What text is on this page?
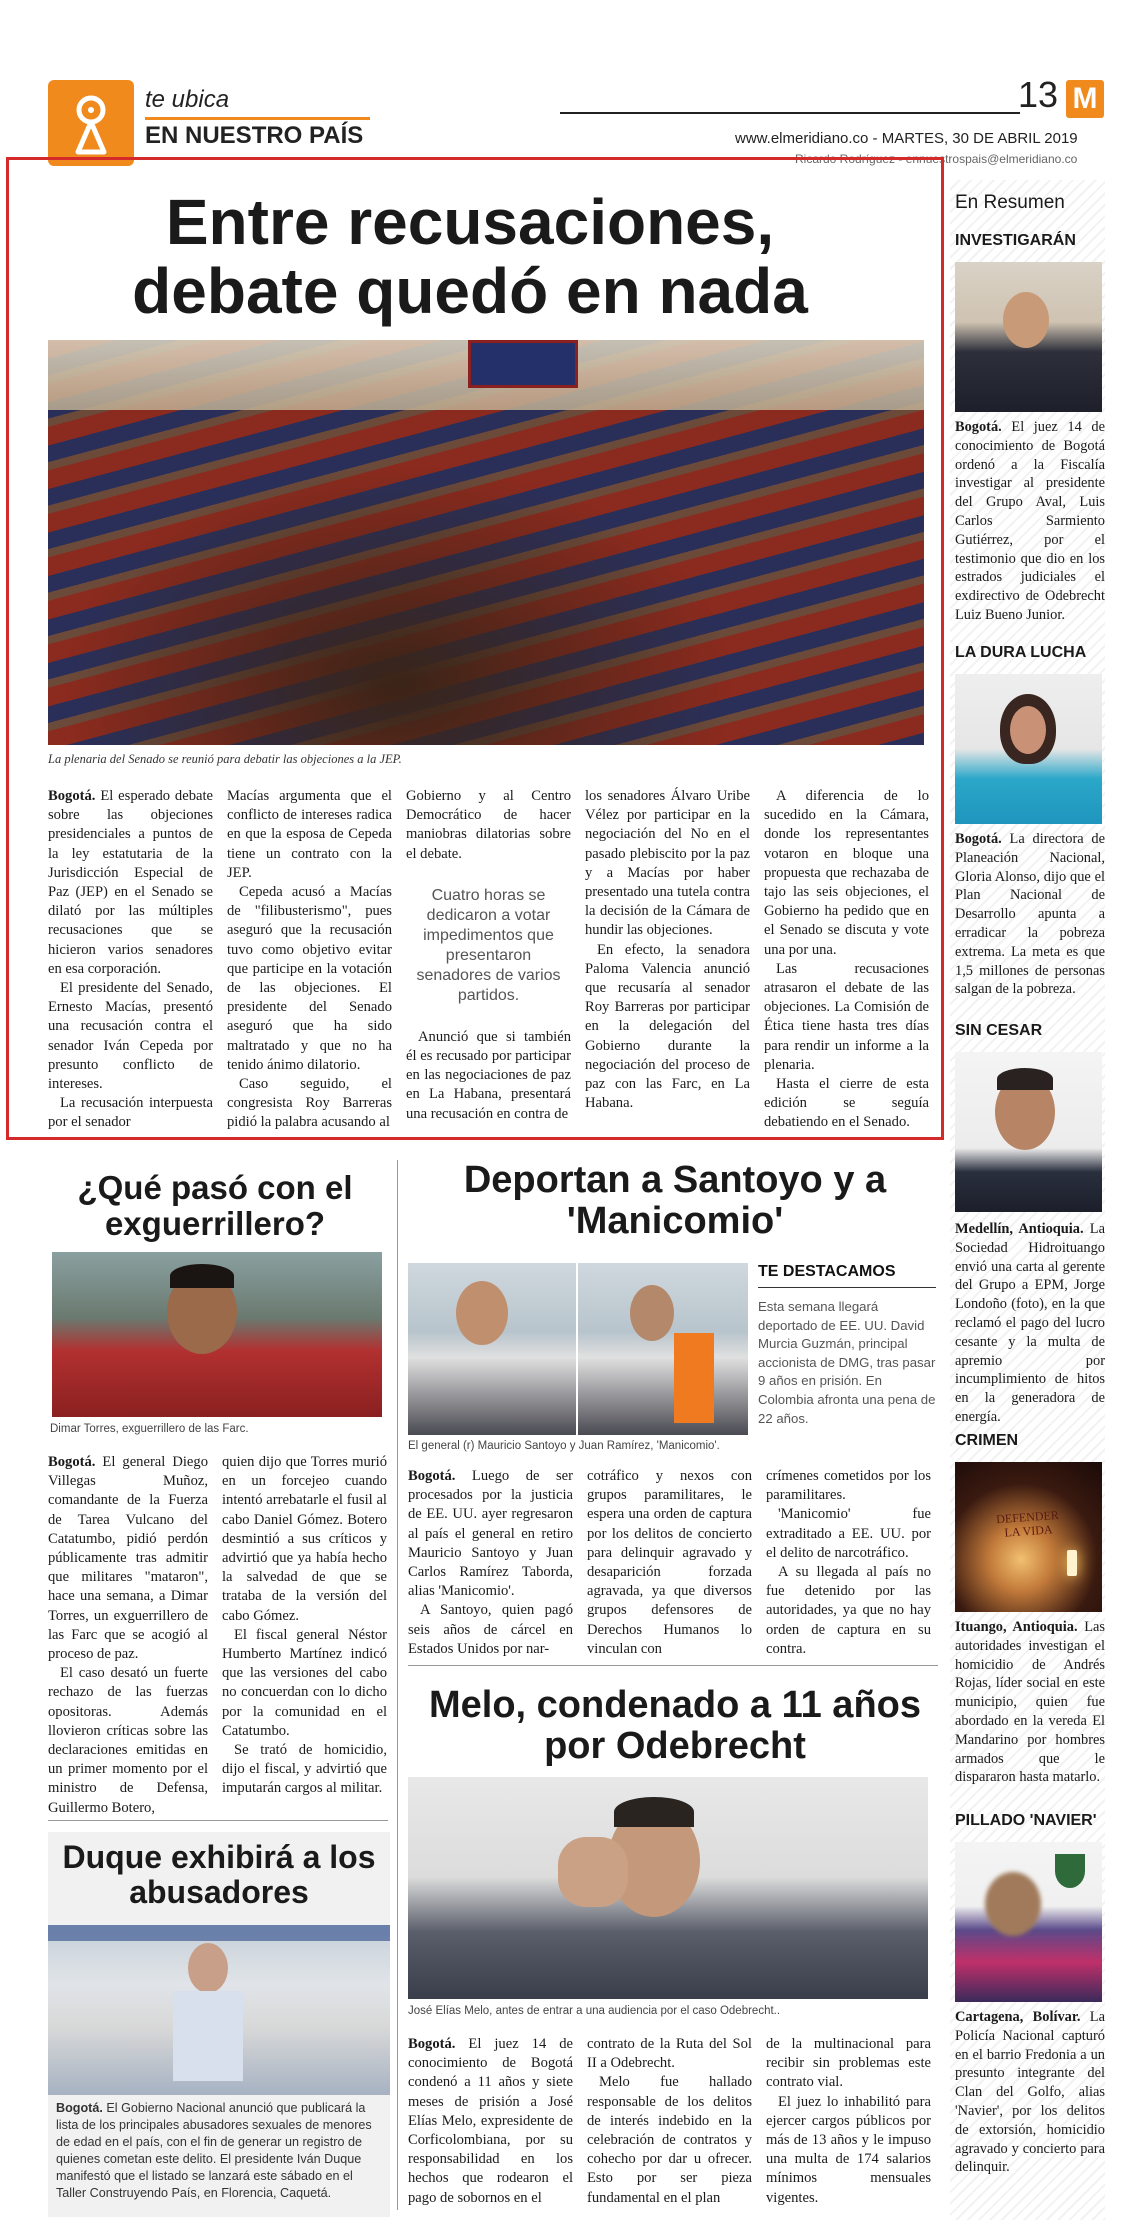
te ubica
EN NUESTRO PAÍS
13 M
www.elmeridiano.co - MARTES, 30 DE ABRIL 2019
Ricardo Rodríguez - ennuestrospais@elmeridiano.co
Entre recusaciones, debate quedó en nada
La plenaria del Senado se reunió para debatir las objeciones a la JEP.

Bogotá. El esperado debate sobre las objeciones presidenciales a puntos de la ley estatutaria de la Jurisdicción Especial de Paz (JEP) en el Senado se dilató por las múltiples recusaciones que se hicieron varios senadores en esa corporación.

El presidente del Senado, Ernesto Macías, presentó una recusación contra el senador Iván Cepeda por presunto conflicto de intereses.

La recusación interpuesta por el senador

Macías argumenta que el conflicto de intereses radica en que la esposa de Cepeda tiene un contrato con la JEP.

Cepeda acusó a Macías de "filibusterismo", pues aseguró que la recusación tuvo como objetivo evitar que participe en la votación de las objeciones. El presidente del Senado aseguró que ha sido maltratado y que no ha tenido ánimo dilatorio.

Caso seguido, el congresista Roy Barreras pidió la palabra acusando al

Gobierno y al Centro Democrático de hacer maniobras dilatorias sobre el debate.

Cuatro horas se dedicaron a votar impedimentos que presentaron senadores de varios partidos.

Anunció que si también él es recusado por participar en las negociaciones de paz en La Habana, presentará una recusación en contra de

los senadores Álvaro Uribe Vélez por participar en la negociación del No en el pasado plebiscito por la paz y a Macías por haber presentado una tutela contra la decisión de la Cámara de hundir las objeciones.

En efecto, la senadora Paloma Valencia anunció que recusaría al senador Roy Barreras por participar en la delegación del Gobierno durante la negociación del proceso de paz con las Farc, en La Habana.

A diferencia de lo sucedido en la Cámara, donde los representantes votaron en bloque una propuesta que rechazaba de tajo las seis objeciones, el Gobierno ha pedido que en el Senado se discuta y vote una por una.

Las recusaciones atrasaron el debate de las objeciones. La Comisión de Ética tiene hasta tres días para rendir un informe a la plenaria.

Hasta el cierre de esta edición se seguía debatiendo en el Senado.

En Resumen
INVESTIGARÁN
Bogotá. El juez 14 de conocimiento de Bogotá ordenó a la Fiscalía investigar al presidente del Grupo Aval, Luis Carlos Sarmiento Gutiérrez, por el testimonio que dio en los estrados judiciales el exdirectivo de Odebrecht Luiz Bueno Junior.
LA DURA LUCHA
Bogotá. La directora de Planeación Nacional, Gloria Alonso, dijo que el Plan Nacional de Desarrollo apunta a erradicar la pobreza extrema. La meta es que 1,5 millones de personas salgan de la pobreza.
SIN CESAR
Medellín, Antioquia. La Sociedad Hidroituango envió una carta al gerente del Grupo a EPM, Jorge Londoño (foto), en la que reclamó el pago del lucro cesante y la multa de apremio por incumplimiento de hitos en la generadora de energía.
CRIMEN
DEFENDER LA VIDA
Ituango, Antioquia. Las autoridades investigan el homicidio de Andrés Rojas, líder social en este municipio, quien fue abordado en la vereda El Mandarino por hombres armados que le dispararon hasta matarlo.
PILLADO 'NAVIER'
Cartagena, Bolívar. La Policía Nacional capturó en el barrio Fredonia a un presunto integrante del Clan del Golfo, alias 'Navier', por los delitos de extorsión, homicidio agravado y concierto para delinquir.
¿Qué pasó con el exguerrillero?
Dimar Torres, exguerrillero de las Farc.

Bogotá. El general Diego Villegas Muñoz, comandante de la Fuerza de Tarea Vulcano del Catatumbo, pidió perdón públicamente tras admitir que militares "mataron", hace una semana, a Dimar Torres, un exguerrillero de las Farc que se acogió al proceso de paz.

El caso desató un fuerte rechazo de las fuerzas opositoras. Además llovieron críticas sobre las declaraciones emitidas en un primer momento por el ministro de Defensa, Guillermo Botero,

quien dijo que Torres murió en un forcejeo cuando intentó arrebatarle el fusil al cabo Daniel Gómez. Botero desmintió a sus críticos y advirtió que ya había hecho la salvedad de que se trataba de la versión del cabo Gómez.

El fiscal general Néstor Humberto Martínez indicó que las versiones del cabo no concuerdan con lo dicho por la comunidad en el Catatumbo.

Se trató de homicidio, dijo el fiscal, y advirtió que imputarán cargos al militar.

Deportan a Santoyo y a 'Manicomio'
El general (r) Mauricio Santoyo y Juan Ramírez, 'Manicomio'.
TE DESTACAMOS
Esta semana llegará deportado de EE. UU. David Murcia Guzmán, principal accionista de DMG, tras pasar 9 años en prisión. En Colombia afronta una pena de 22 años.

Bogotá. Luego de ser procesados por la justicia de EE. UU. ayer regresaron al país el general en retiro Mauricio Santoyo y Juan Carlos Ramírez Taborda, alias 'Manicomio'.

A Santoyo, quien pagó seis años de cárcel en Estados Unidos por nar-

cotráfico y nexos con grupos paramilitares, le espera una orden de captura por los delitos de concierto para delinquir agravado y desaparición forzada agravada, ya que diversos grupos defensores de Derechos Humanos lo vinculan con

crímenes cometidos por los paramilitares.

'Manicomio' fue extraditado a EE. UU. por el delito de narcotráfico.

A su llegada al país no fue detenido por las autoridades, ya que no hay orden de captura en su contra.

Duque exhibirá a los abusadores
Bogotá. El Gobierno Nacional anunció que publicará la lista de los principales abusadores sexuales de menores de edad en el país, con el fin de generar un registro de quienes cometan este delito. El presidente Iván Duque manifestó que el listado se lanzará este sábado en el Taller Construyendo País, en Florencia, Caquetá.
Melo, condenado a 11 años por Odebrecht
José Elías Melo, antes de entrar a una audiencia por el caso Odebrecht..

Bogotá. El juez 14 de conocimiento de Bogotá condenó a 11 años y siete meses de prisión a José Elías Melo, expresidente de Corficolombiana, por su responsabilidad en los hechos que rodearon el pago de sobornos en el

contrato de la Ruta del Sol II a Odebrecht.

Melo fue hallado responsable de los delitos de interés indebido en la celebración de contratos y cohecho por dar u ofrecer. Esto por ser pieza fundamental en el plan

de la multinacional para recibir sin problemas este contrato vial.

El juez lo inhabilitó para ejercer cargos públicos por más de 13 años y le impuso una multa de 174 salarios mínimos mensuales vigentes.
